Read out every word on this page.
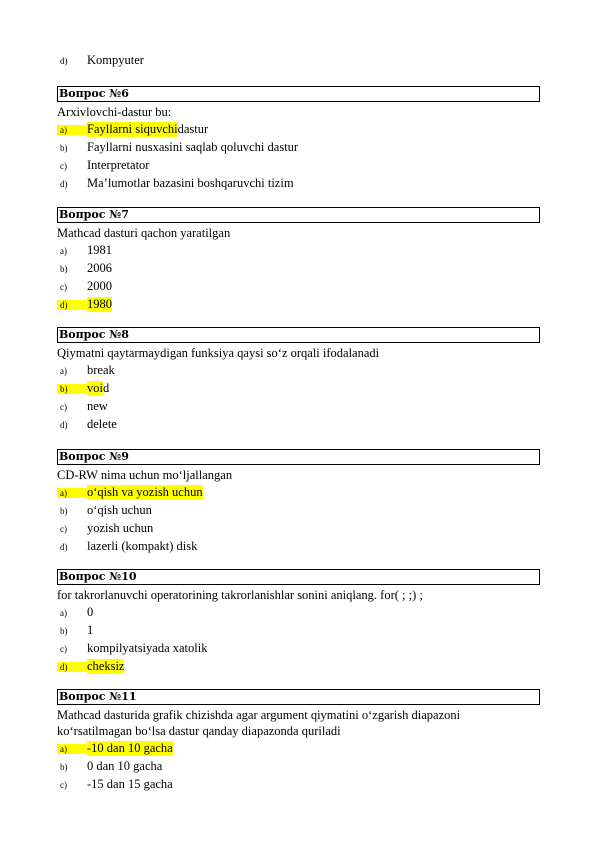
d)	Kompyuter
Вопрос №6
Arxivlovchi-dastur bu:
a)	Fayllarni siquvchi dastur
b)	Fayllarni nusxasini saqlab qoluvchi dastur
c)	Interpretator
d)	Ma’lumotlar bazasini boshqaruvchi tizim
Вопрос №7
Mathcad dasturi qachon yaratilgan
a)	1981
b)	2006
c)	2000
d)	1980
Вопрос №8
Qiymatni qaytarmaydigan funksiya qaysi so‘z orqali ifodalanadi
a)	break
b)	voi d
c)	new
d)	delete
Вопрос №9
CD-RW nima uchun mo‘ljallangan
a)	o‘qish va yozish uchun
b)	o‘qish uchun
c)	yozish uchun
d)	lazerli (kompakt) disk
Вопрос №10
for takrorlanuvchi operatorining takrorlanishlar sonini aniqlang. for( ; ;) ;
a)	0
b)	1
c)	kompilyatsiyada xatolik
d)	cheksiz
Вопрос №11
Mathcad dasturida grafik chizishda agar argument qiymatini o‘zgarish diapazoni ko‘rsatilmagan bo‘lsa dastur qanday diapazonda quriladi
a)	-10 dan 10 gacha
b)	0 dan 10 gacha
c)	-15 dan 15 gacha
